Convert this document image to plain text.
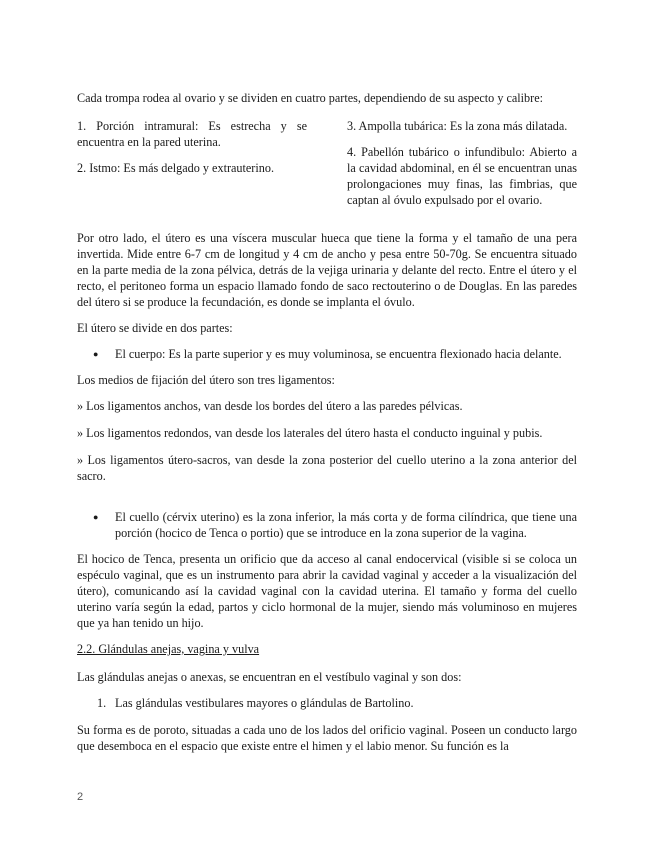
Cada trompa rodea al ovario y se dividen en cuatro partes, dependiendo de su aspecto y calibre:

1. Porción intramural: Es estrecha y se encuentra en la pared uterina.

2. Istmo: Es más delgado y extrauterino.

3. Ampolla tubárica: Es la zona más dilatada.

4. Pabellón tubárico o infundibulo: Abierto a la cavidad abdominal, en él se encuentran unas prolongaciones muy finas, las fimbrias, que captan al óvulo expulsado por el ovario.

Por otro lado, el útero es una víscera muscular hueca que tiene la forma y el tamaño de una pera invertida. Mide entre 6-7 cm de longitud y 4 cm de ancho y pesa entre 50-70g. Se encuentra situado en la parte media de la zona pélvica, detrás de la vejiga urinaria y delante del recto. Entre el útero y el recto, el peritoneo forma un espacio llamado fondo de saco rectouterino o de Douglas. En las paredes del útero si se produce la fecundación, es donde se implanta el óvulo.

El útero se divide en dos partes:

●	El cuerpo: Es la parte superior y es muy voluminosa, se encuentra flexionado hacia delante.

Los medios de fijación del útero son tres ligamentos:

» Los ligamentos anchos, van desde los bordes del útero a las paredes pélvicas.

» Los ligamentos redondos, van desde los laterales del útero hasta el conducto inguinal y pubis.

» Los ligamentos útero-sacros, van desde la zona posterior del cuello uterino a la zona anterior del sacro.

●	El cuello (cérvix uterino) es la zona inferior, la más corta y de forma cilíndrica, que tiene una porción (hocico de Tenca o portio) que se introduce en la zona superior de la vagina.

El hocico de Tenca, presenta un orificio que da acceso al canal endocervical (visible si se coloca un espéculo vaginal, que es un instrumento para abrir la cavidad vaginal y acceder a la visualización del útero), comunicando así la cavidad vaginal con la cavidad uterina. El tamaño y forma del cuello uterino varía según la edad, partos y ciclo hormonal de la mujer, siendo más voluminoso en mujeres que ya han tenido un hijo.

2.2. Glándulas anejas, vagina y vulva

Las glándulas anejas o anexas, se encuentran en el vestíbulo vaginal y son dos:

1. Las glándulas vestibulares mayores o glándulas de Bartolino.

Su forma es de poroto, situadas a cada uno de los lados del orificio vaginal. Poseen un conducto largo que desemboca en el espacio que existe entre el himen y el labio menor. Su función es la

2
